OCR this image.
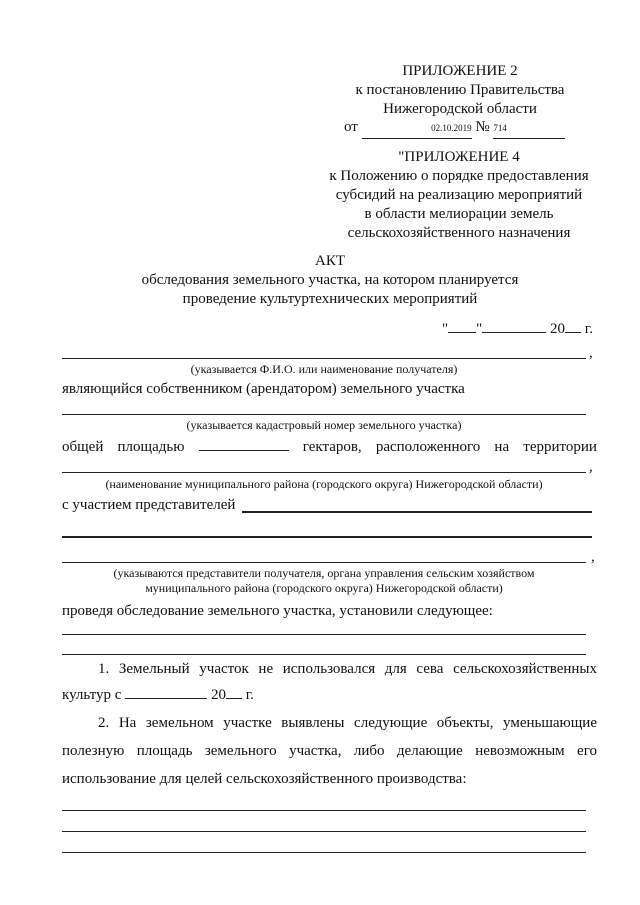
ПРИЛОЖЕНИЕ 2
к постановлению Правительства
Нижегородской области
от	02.10.2019 № 714
"ПРИЛОЖЕНИЕ 4
к Положению о порядке предоставления
субсидий на реализацию мероприятий
в области мелиорации земель
сельскохозяйственного назначения
АКТ
обследования земельного участка, на котором планируется
проведение культуртехнических мероприятий
" "	20 г.
,
(указывается Ф.И.О. или наименование получателя)
являющийся собственником (арендатором) земельного участка
(указывается кадастровый номер земельного участка)
общей площадью	гектаров, расположенного на территории
,
(наименование муниципального района (городского округа) Нижегородской области)
с участием представителей
,
(указываются представители получателя, органа управления сельским хозяйством
муниципального района (городского округа) Нижегородской области)
проведя обследование земельного участка, установили следующее:
1. Земельный участок не использовался для сева сельскохозяйственных
культур с	20 г.
2. На земельном участке выявлены следующие объекты, уменьшающие
полезную площадь земельного участка, либо делающие невозможным его
использование для целей сельскохозяйственного производства:
